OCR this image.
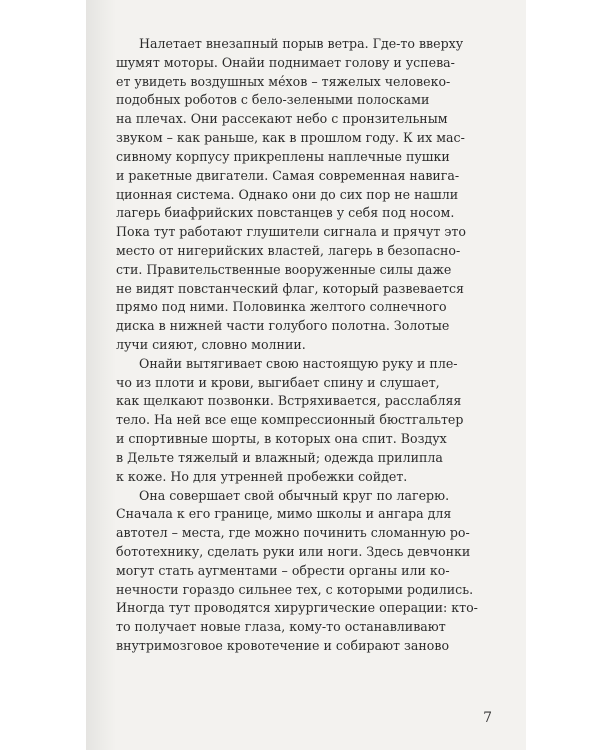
Налетает внезапный порыв ветра. Где-то вверху
шумят моторы. Онайи поднимает голову и успева-
ет увидеть воздушных мéхов – тяжелых человеко-
подобных роботов с бело-зелеными полосками
на плечах. Они рассекают небо с пронзительным
звуком – как раньше, как в прошлом году. К их мас-
сивному корпусу прикреплены наплечные пушки
и ракетные двигатели. Самая современная навига-
ционная система. Однако они до сих пор не нашли
лагерь биафрийских повстанцев у себя под носом.
Пока тут работают глушители сигнала и прячут это
место от нигерийских властей, лагерь в безопасно-
сти. Правительственные вооруженные силы даже
не видят повстанческий флаг, который развевается
прямо под ними. Половинка желтого солнечного
диска в нижней части голубого полотна. Золотые
лучи сияют, словно молнии.
Онайи вытягивает свою настоящую руку и пле-
чо из плоти и крови, выгибает спину и слушает,
как щелкают позвонки. Встряхивается, расслабляя
тело. На ней все еще компрессионный бюстгальтер
и спортивные шорты, в которых она спит. Воздух
в Дельте тяжелый и влажный; одежда прилипла
к коже. Но для утренней пробежки сойдет.
Она совершает свой обычный круг по лагерю.
Сначала к его границе, мимо школы и ангара для
автотел – места, где можно починить сломанную ро-
бототехнику, сделать руки или ноги. Здесь девчонки
могут стать аугментами – обрести органы или ко-
нечности гораздо сильнее тех, с которыми родились.
Иногда тут проводятся хирургические операции: кто-
то получает новые глаза, кому-то останавливают
внутримозговое кровотечение и собирают заново
7
